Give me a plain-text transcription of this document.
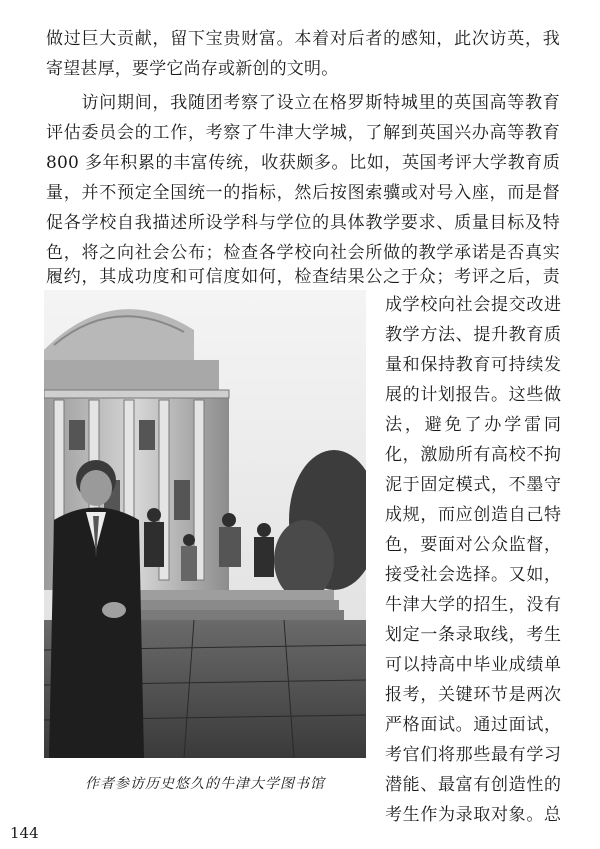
做过巨大贡献，留下宝贵财富。本着对后者的感知，此次访英，我
寄望甚厚，要学它尚存或新创的文明。
　　访问期间，我随团考察了设立在格罗斯特城里的英国高等教育
评估委员会的工作，考察了牛津大学城，了解到英国兴办高等教育
800 多年积累的丰富传统，收获颇多。比如，英国考评大学教育质
量，并不预定全国统一的指标，然后按图索骥或对号入座，而是督
促各学校自我描述所设学科与学位的具体教学要求、质量目标及特
色，将之向社会公布；检查各学校向社会所做的教学承诺是否真实
履约，其成功度和可信度如何，检查结果公之于众；考评之后，责
作者参访历史悠久的牛津大学图书馆
成学校向社会提交改进
教学方法、提升教育质
量和保持教育可持续发
展的计划报告。这些做
法，避免了办学雷同
化，激励所有高校不拘
泥于固定模式，不墨守
成规，而应创造自己特
色，要面对公众监督，
接受社会选择。又如，
牛津大学的招生，没有
划定一条录取线，考生
可以持高中毕业成绩单
报考，关键环节是两次
严格面试。通过面试，
考官们将那些最有学习
潜能、最富有创造性的
考生作为录取对象。总
144
